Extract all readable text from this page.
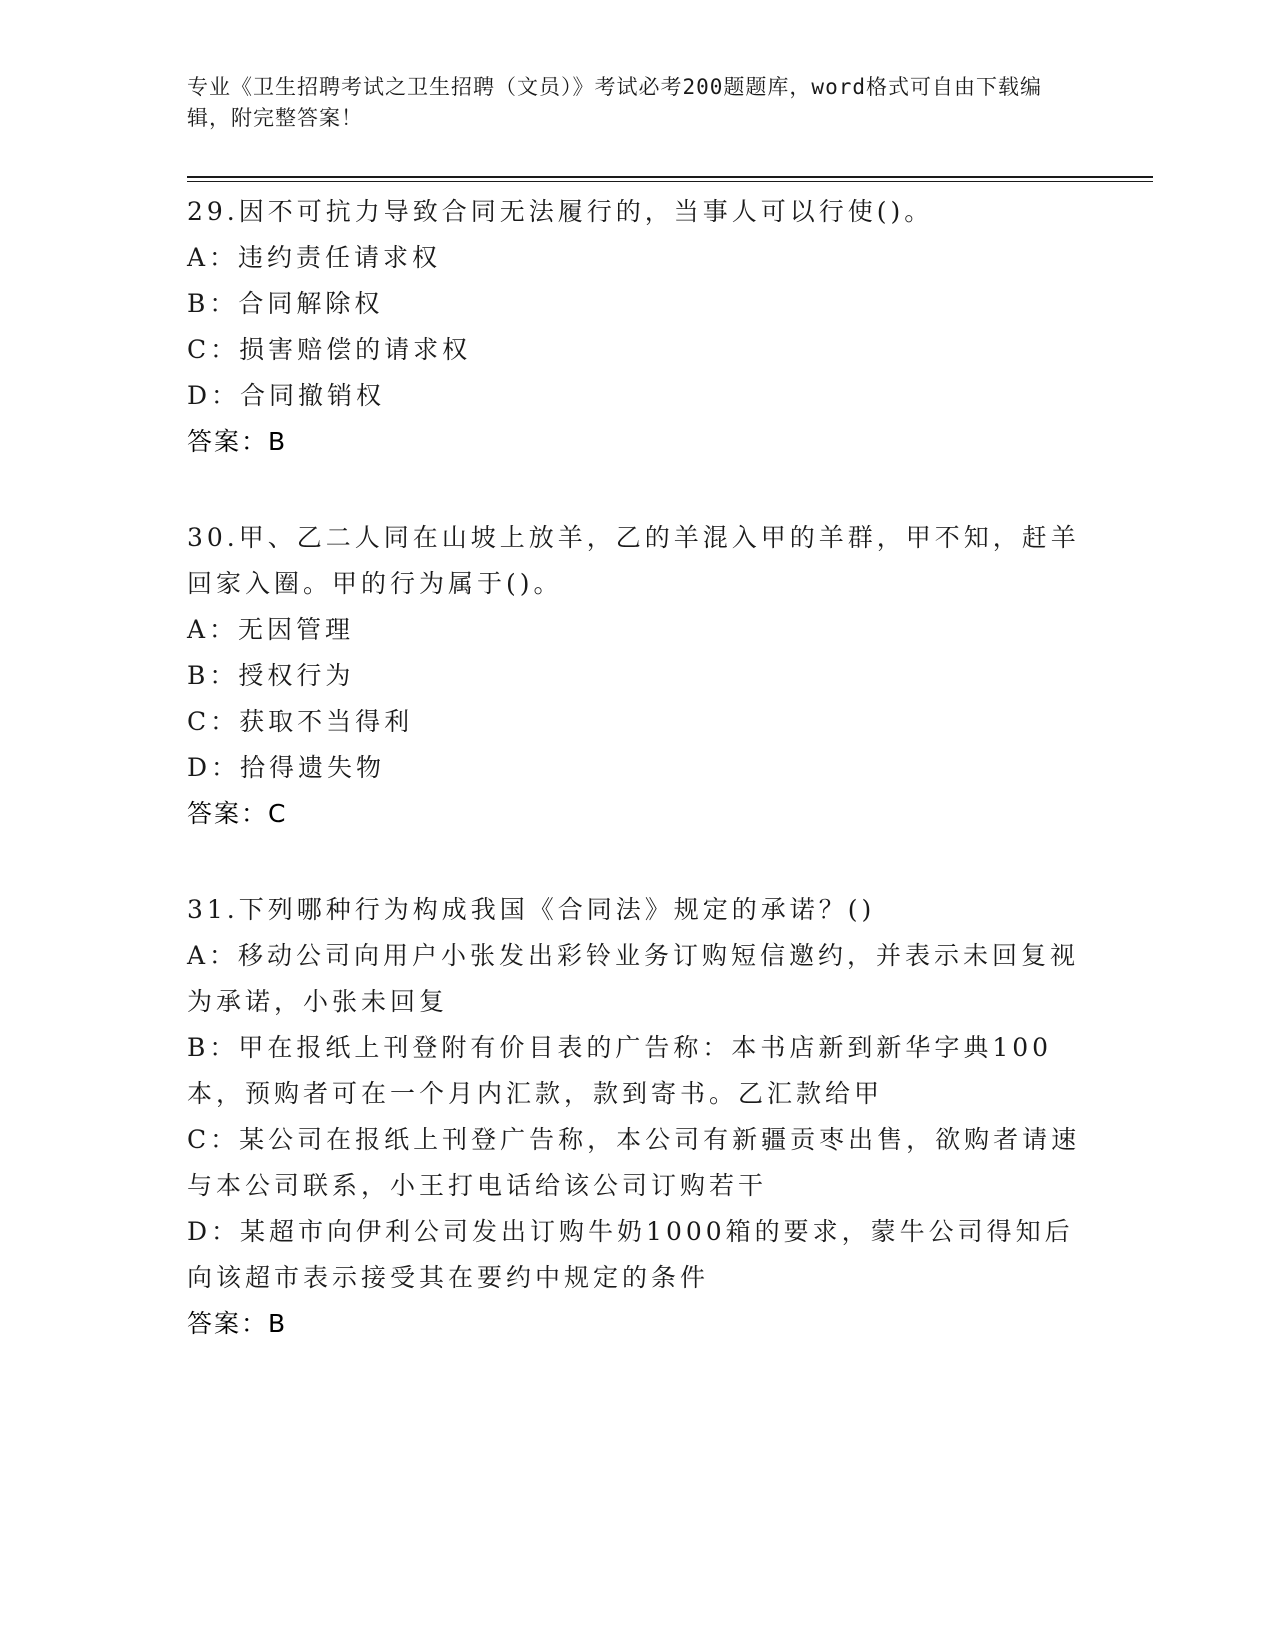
专业《卫生招聘考试之卫生招聘（文员）》考试必考200题题库，word格式可自由下载编辑，附完整答案！
29.因不可抗力导致合同无法履行的，当事人可以行使()。
A：违约责任请求权
B：合同解除权
C：损害赔偿的请求权
D：合同撤销权
答案：B
30.甲、乙二人同在山坡上放羊，乙的羊混入甲的羊群，甲不知，赶羊回家入圈。甲的行为属于()。
A：无因管理
B：授权行为
C：获取不当得利
D：拾得遗失物
答案：C
31.下列哪种行为构成我国《合同法》规定的承诺？()
A：移动公司向用户小张发出彩铃业务订购短信邀约，并表示未回复视为承诺，小张未回复
B：甲在报纸上刊登附有价目表的广告称：本书店新到新华字典100本，预购者可在一个月内汇款，款到寄书。乙汇款给甲
C：某公司在报纸上刊登广告称，本公司有新疆贡枣出售，欲购者请速与本公司联系，小王打电话给该公司订购若干
D：某超市向伊利公司发出订购牛奶1000箱的要求，蒙牛公司得知后向该超市表示接受其在要约中规定的条件
答案：B
